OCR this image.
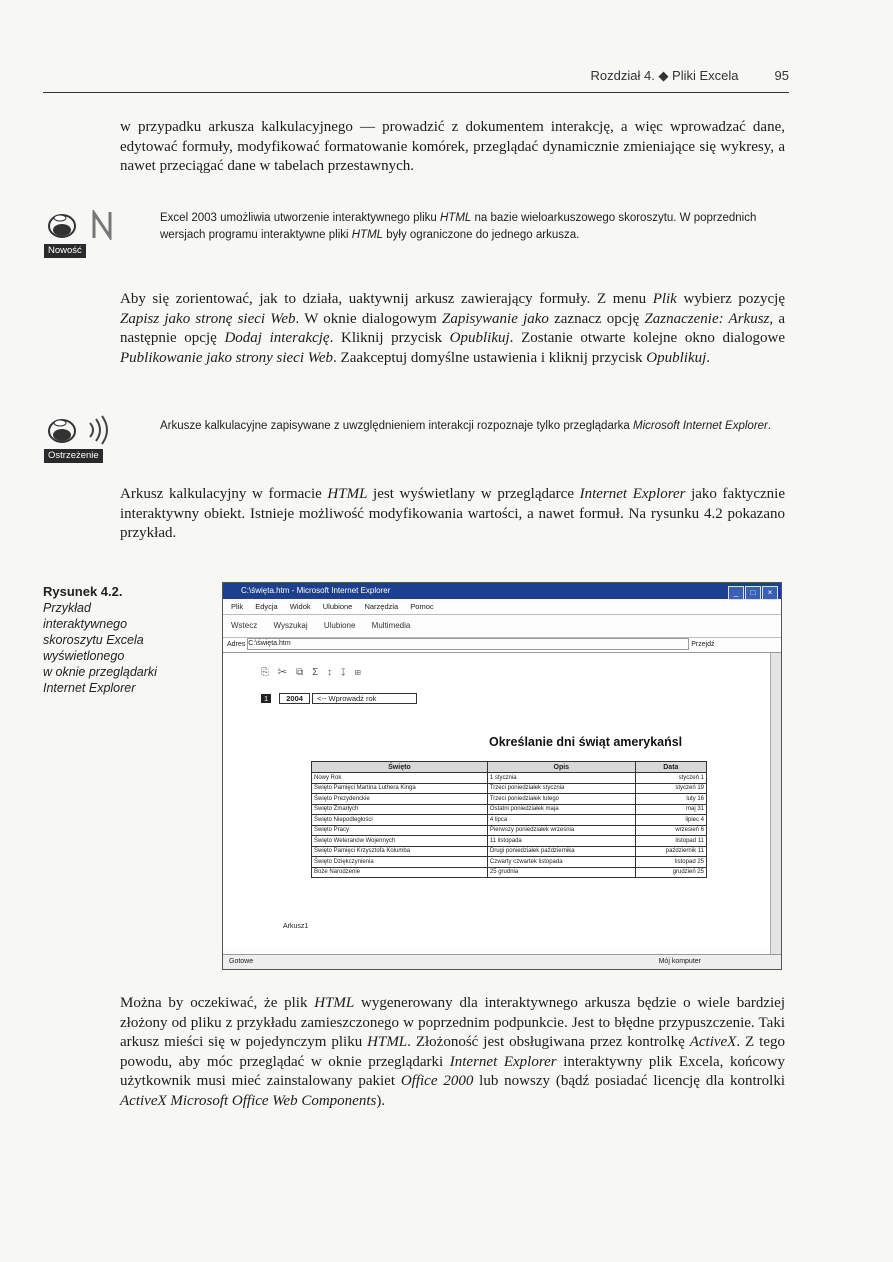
Rozdział 4. ◆ Pliki Excela	95

w przypadku arkusza kalkulacyjnego — prowadzić z dokumentem interakcję, a więc wprowadzać dane, edytować formuły, modyfikować formatowanie komórek, przeglądać dynamicznie zmieniające się wykresy, a nawet przeciągać dane w tabelach przestawnych.

Nowość

Excel 2003 umożliwia utworzenie interaktywnego pliku HTML na bazie wieloarkuszowego skoroszytu. W poprzednich wersjach programu interaktywne pliki HTML były ograniczone do jednego arkusza.

Aby się zorientować, jak to działa, uaktywnij arkusz zawierający formuły. Z menu Plik wybierz pozycję Zapisz jako stronę sieci Web. W oknie dialogowym Zapisywanie jako zaznacz opcję Zaznaczenie: Arkusz, a następnie opcję Dodaj interakcję. Kliknij przycisk Opublikuj. Zostanie otwarte kolejne okno dialogowe Publikowanie jako strony sieci Web. Zaakceptuj domyślne ustawienia i kliknij przycisk Opublikuj.

Ostrzeżenie

Arkusze kalkulacyjne zapisywane z uwzględnieniem interakcji rozpoznaje tylko przeglądarka Microsoft Internet Explorer.

Arkusz kalkulacyjny w formacie HTML jest wyświetlany w przeglądarce Internet Explorer jako faktycznie interaktywny obiekt. Istnieje możliwość modyfikowania wartości, a nawet formuł. Na rysunku 4.2 pokazano przykład.

Rysunek 4.2.
Przykład
interaktywnego
skoroszytu Excela
wyświetlonego
w oknie przeglądarki
Internet Explorer
C:\święta.htm - Microsoft Internet Explorer	_ □ ×
Plik Edycja Widok Ulubione Narzędzia Pomoc
Wstecz Wyszukaj Ulubione Multimedia
Adres C:\święta.htm	Przejdź
⎘ ✂ ⧉ Σ ↕ ↧ ⊞
1 2004 <-- Wprowadź rok
Określanie dni świąt amerykańsl
Święto	Opis	Data
Nowy Rok	1 stycznia	styczeń 1
Święto Pamięci Martina Luthera Kinga	Trzeci poniedziałek stycznia	styczeń 19
Święto Prezydenckie	Trzeci poniedziałek lutego	luty 16
Święto Zmarłych	Ostatni poniedziałek maja	maj 31
Święto Niepodległości	4 lipca	lipiec 4
Święto Pracy	Pierwszy poniedziałek września	wrzesień 6
Święto Weteranów Wojennych	11 listopada	listopad 11
Święto Pamięci Krzysztofa Kolumba	Drugi poniedziałek października	październik 11
Święto Dziękczynienia	Czwarty czwartek listopada	listopad 25
Boże Narodzenie	25 grudnia	grudzień 25
Arkusz1
Gotowe	Mój komputer

Można by oczekiwać, że plik HTML wygenerowany dla interaktywnego arkusza będzie o wiele bardziej złożony od pliku z przykładu zamieszczonego w poprzednim podpunkcie. Jest to błędne przypuszczenie. Taki arkusz mieści się w pojedynczym pliku HTML. Złożoność jest obsługiwana przez kontrolkę ActiveX. Z tego powodu, aby móc przeglądać w oknie przeglądarki Internet Explorer interaktywny plik Excela, końcowy użytkownik musi mieć zainstalowany pakiet Office 2000 lub nowszy (bądź posiadać licencję dla kontrolki ActiveX Microsoft Office Web Components).
